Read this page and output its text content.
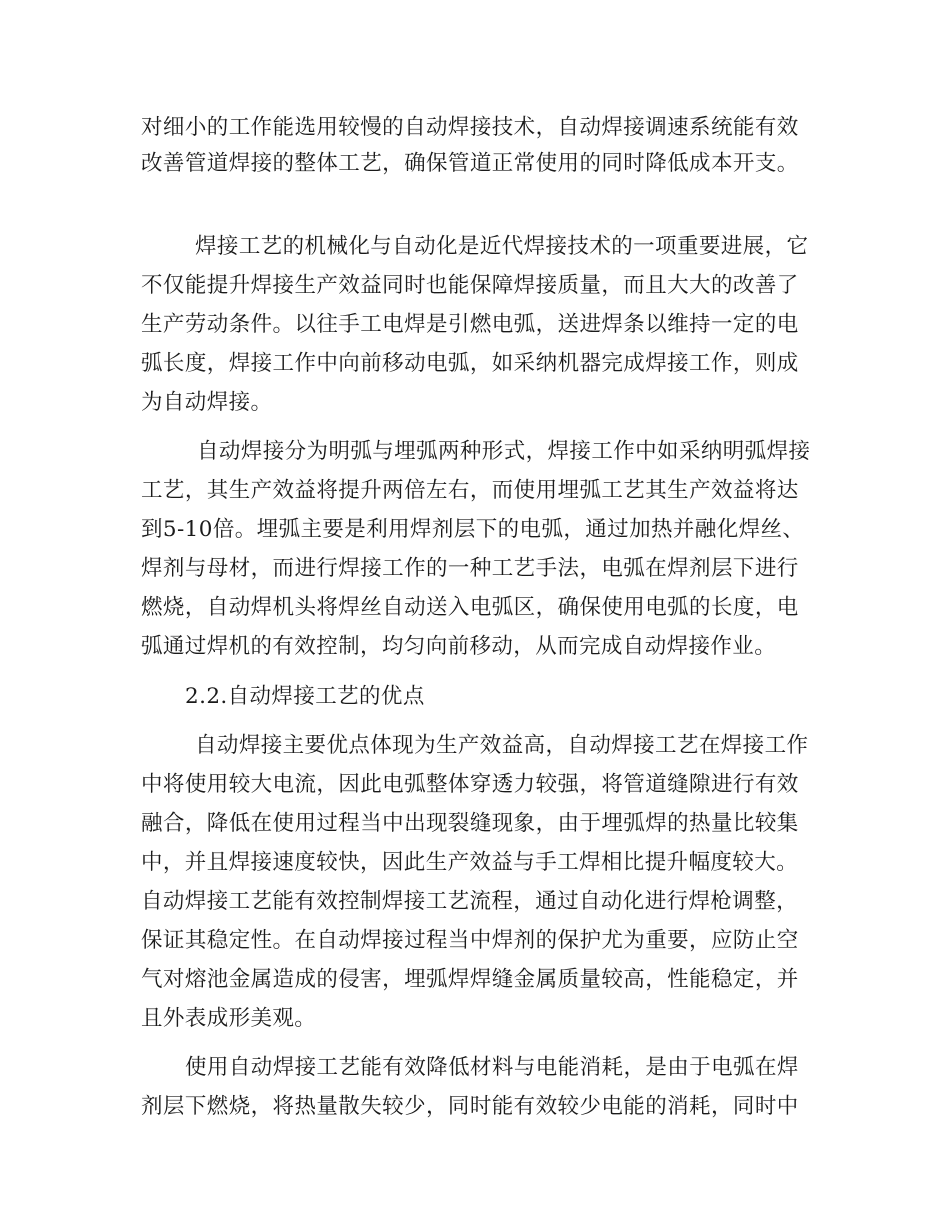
对 细 小 的 工 作 能 选 用 较 慢 的 自 动 焊 接 技 术 ， 自 动 焊 接 调 速 系 统 能 有 效
改 善 管 道 焊 接 的 整 体 工 艺 ， 确 保 管 道 正 常 使 用 的 同 时 降 低 成 本 开 支 。
焊 接 工 艺 的 机 械 化 与 自 动 化 是 近 代 焊 接 技 术 的 一 项 重 要 进 展 ， 它
不 仅 能 提 升 焊 接 生 产 效 益 同 时 也 能 保 障 焊 接 质 量 ， 而 且 大 大 的 改 善 了
生 产 劳 动 条 件 。 以 往 手 工 电 焊 是 引 燃 电 弧 ， 送 进 焊 条 以 维 持 一 定 的 电
弧 长 度 ， 焊 接 工 作 中 向 前 移 动 电 弧 ， 如 采 纳 机 器 完 成 焊 接 工 作 ， 则 成
为自动焊接。
自 动 焊 接 分 为 明 弧 与 埋 弧 两 种 形 式 ， 焊 接 工 作 中 如 采 纳 明 弧 焊 接
工 艺 ， 其 生 产 效 益 将 提 升 两 倍 左 右 ， 而 使 用 埋 弧 工 艺 其 生 产 效 益 将 达
到 5 - 1 0 倍 。 埋 弧 主 要 是 利 用 焊 剂 层 下 的 电 弧 ， 通 过 加 热 并 融 化 焊 丝 、
焊 剂 与 母 材 ， 而 进 行 焊 接 工 作 的 一 种 工 艺 手 法 ， 电 弧 在 焊 剂 层 下 进 行
燃 烧 ， 自 动 焊 机 头 将 焊 丝 自 动 送 入 电 弧 区 ， 确 保 使 用 电 弧 的 长 度 ， 电
弧通过焊机的有效控制，均匀向前移动，从而完成自动焊接作业。
2.2.自动焊接工艺的优点
自 动 焊 接 主 要 优 点 体 现 为 生 产 效 益 高 ， 自 动 焊 接 工 艺 在 焊 接 工 作
中 将 使 用 较 大 电 流 ， 因 此 电 弧 整 体 穿 透 力 较 强 ， 将 管 道 缝 隙 进 行 有 效
融 合 ， 降 低 在 使 用 过 程 当 中 出 现 裂 缝 现 象 ， 由 于 埋 弧 焊 的 热 量 比 较 集
中，并且焊接速度较快，因此生产效益与手工焊相比提升幅度较大。
自动焊接工艺能有效控制焊接工艺流程，通过自动化进行焊枪调整，
保 证 其 稳 定 性 。 在 自 动 焊 接 过 程 当 中 焊 剂 的 保 护 尤 为 重 要 ， 应 防 止 空
气 对 熔 池 金 属 造 成 的 侵 害 ， 埋 弧 焊 焊 缝 金 属 质 量 较 高 ， 性 能 稳 定 ， 并
且外表成形美观。
使 用 自 动 焊 接 工 艺 能 有 效 降 低 材 料 与 电 能 消 耗 ， 是 由 于 电 弧 在 焊
剂 层 下 燃 烧 ， 将 热 量 散 失 较 少 ， 同 时 能 有 效 较 少 电 能 的 消 耗 ， 同 时 中
